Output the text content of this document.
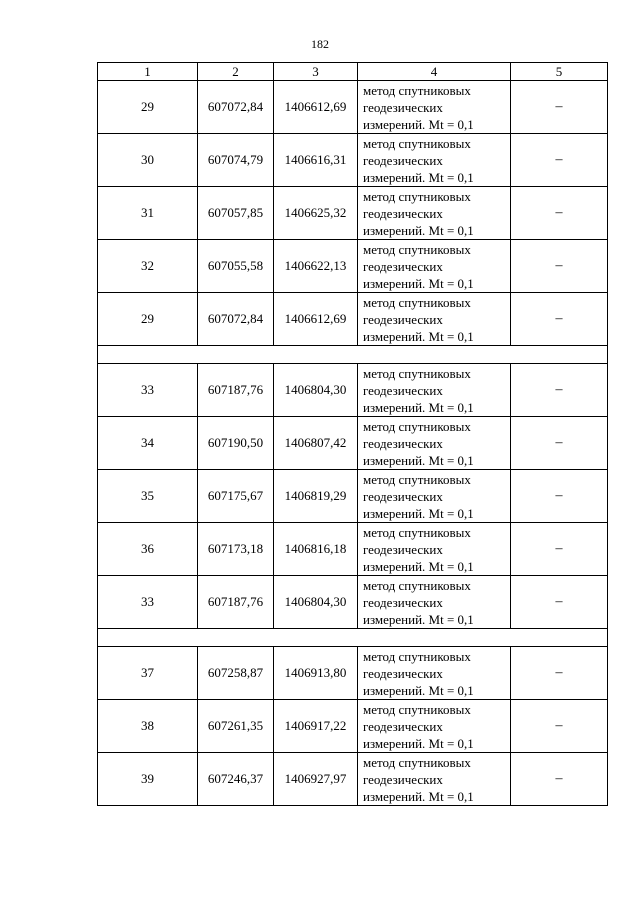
182
1	2	3	4	5
29	607072,84	1406612,69	метод спутниковых
геодезических
измерений. Mt = 0,1	–
30	607074,79	1406616,31	метод спутниковых
геодезических
измерений. Mt = 0,1	–
31	607057,85	1406625,32	метод спутниковых
геодезических
измерений. Mt = 0,1	–
32	607055,58	1406622,13	метод спутниковых
геодезических
измерений. Mt = 0,1	–
29	607072,84	1406612,69	метод спутниковых
геодезических
измерений. Mt = 0,1	–

33	607187,76	1406804,30	метод спутниковых
геодезических
измерений. Mt = 0,1	–
34	607190,50	1406807,42	метод спутниковых
геодезических
измерений. Mt = 0,1	–
35	607175,67	1406819,29	метод спутниковых
геодезических
измерений. Mt = 0,1	–
36	607173,18	1406816,18	метод спутниковых
геодезических
измерений. Mt = 0,1	–
33	607187,76	1406804,30	метод спутниковых
геодезических
измерений. Mt = 0,1	–

37	607258,87	1406913,80	метод спутниковых
геодезических
измерений. Mt = 0,1	–
38	607261,35	1406917,22	метод спутниковых
геодезических
измерений. Mt = 0,1	–
39	607246,37	1406927,97	метод спутниковых
геодезических
измерений. Mt = 0,1	–
